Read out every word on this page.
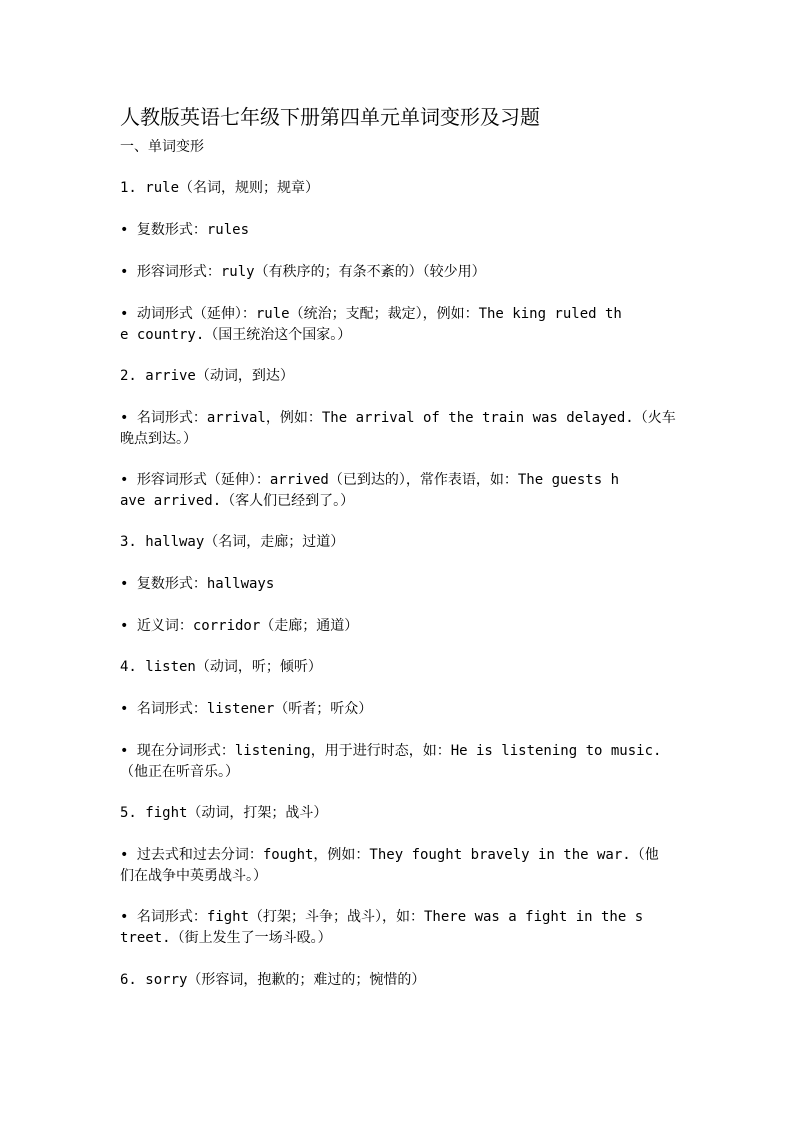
人教版英语七年级下册第四单元单词变形及习题
一、单词变形
1. rule（名词，规则；规章）
• 复数形式：rules
• 形容词形式：ruly（有秩序的；有条不紊的）（较少用）
• 动词形式（延伸）：rule（统治；支配；裁定），例如：The king ruled th
e country.（国王统治这个国家。）
2. arrive（动词，到达）
• 名词形式：arrival，例如：The arrival of the train was delayed.（火车
晚点到达。）
• 形容词形式（延伸）：arrived（已到达的），常作表语，如：The guests h
ave arrived.（客人们已经到了。）
3. hallway（名词，走廊；过道）
• 复数形式：hallways
• 近义词：corridor（走廊；通道）
4. listen（动词，听；倾听）
• 名词形式：listener（听者；听众）
• 现在分词形式：listening，用于进行时态，如：He is listening to music.
（他正在听音乐。）
5. fight（动词，打架；战斗）
• 过去式和过去分词：fought，例如：They fought bravely in the war.（他
们在战争中英勇战斗。）
• 名词形式：fight（打架；斗争；战斗），如：There was a fight in the s
treet.（街上发生了一场斗殴。）
6. sorry（形容词，抱歉的；难过的；惋惜的）
